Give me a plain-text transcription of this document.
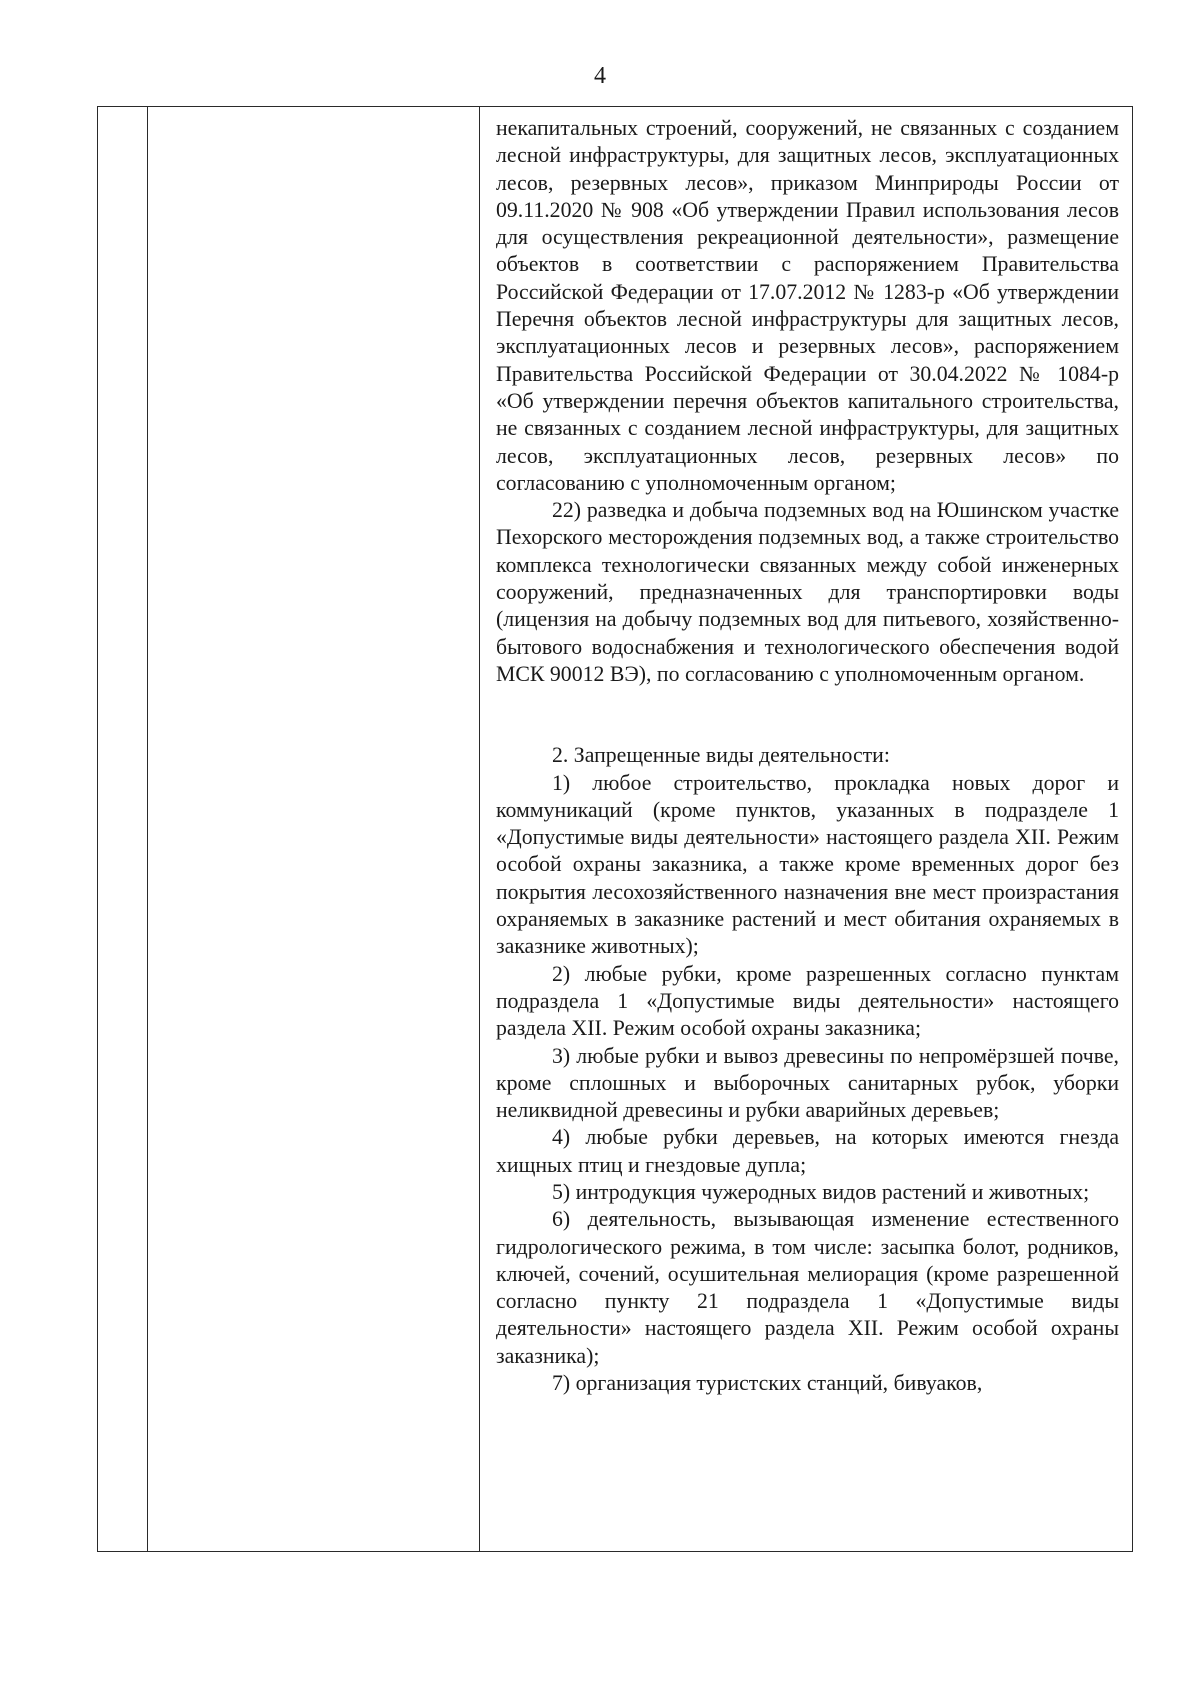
4

некапитальных строений, сооружений, не связанных с созданием лесной инфраструктуры, для защитных лесов, эксплуатационных лесов, резервных лесов», приказом Минприроды России от 09.11.2020 № 908 «Об утверждении Правил использования лесов для осуществления рекреационной деятельности», размещение объектов в соответствии с распоряжением Правительства Российской Федерации от 17.07.2012 № 1283-р «Об утверждении Перечня объектов лесной инфраструктуры для защитных лесов, эксплуатационных лесов и резервных лесов», распоряжением Правительства Российской Федерации от 30.04.2022 № 1084-р «Об утверждении перечня объектов капитального строительства, не связанных с созданием лесной инфраструктуры, для защитных лесов, эксплуатационных лесов, резервных лесов» по согласованию с уполномоченным органом;

22) разведка и добыча подземных вод на Юшинском участке Пехорского месторождения подземных вод, а также строительство комплекса технологически связанных между собой инженерных сооружений, предназначенных для транспортировки воды (лицензия на добычу подземных вод для питьевого, хозяйственно-бытового водоснабжения и технологического обеспечения водой МСК 90012 ВЭ), по согласованию с уполномоченным органом.

2. Запрещенные виды деятельности:

1) любое строительство, прокладка новых дорог и коммуникаций (кроме пунктов, указанных в подразделе 1 «Допустимые виды деятельности» настоящего раздела XII. Режим особой охраны заказника, а также кроме временных дорог без покрытия лесохозяйственного назначения вне мест произрастания охраняемых в заказнике растений и мест обитания охраняемых в заказнике животных);

2) любые рубки, кроме разрешенных согласно пунктам подраздела 1 «Допустимые виды деятельности» настоящего раздела XII. Режим особой охраны заказника;

3) любые рубки и вывоз древесины по непромёрзшей почве, кроме сплошных и выборочных санитарных рубок, уборки неликвидной древесины и рубки аварийных деревьев;

4) любые рубки деревьев, на которых имеются гнезда хищных птиц и гнездовые дупла;

5) интродукция чужеродных видов растений и животных;

6) деятельность, вызывающая изменение естественного гидрологического режима, в том числе: засыпка болот, родников, ключей, сочений, осушительная мелиорация (кроме разрешенной согласно пункту 21 подраздела 1 «Допустимые виды деятельности» настоящего раздела XII. Режим особой охраны заказника);

7) организация туристских станций, бивуаков,
